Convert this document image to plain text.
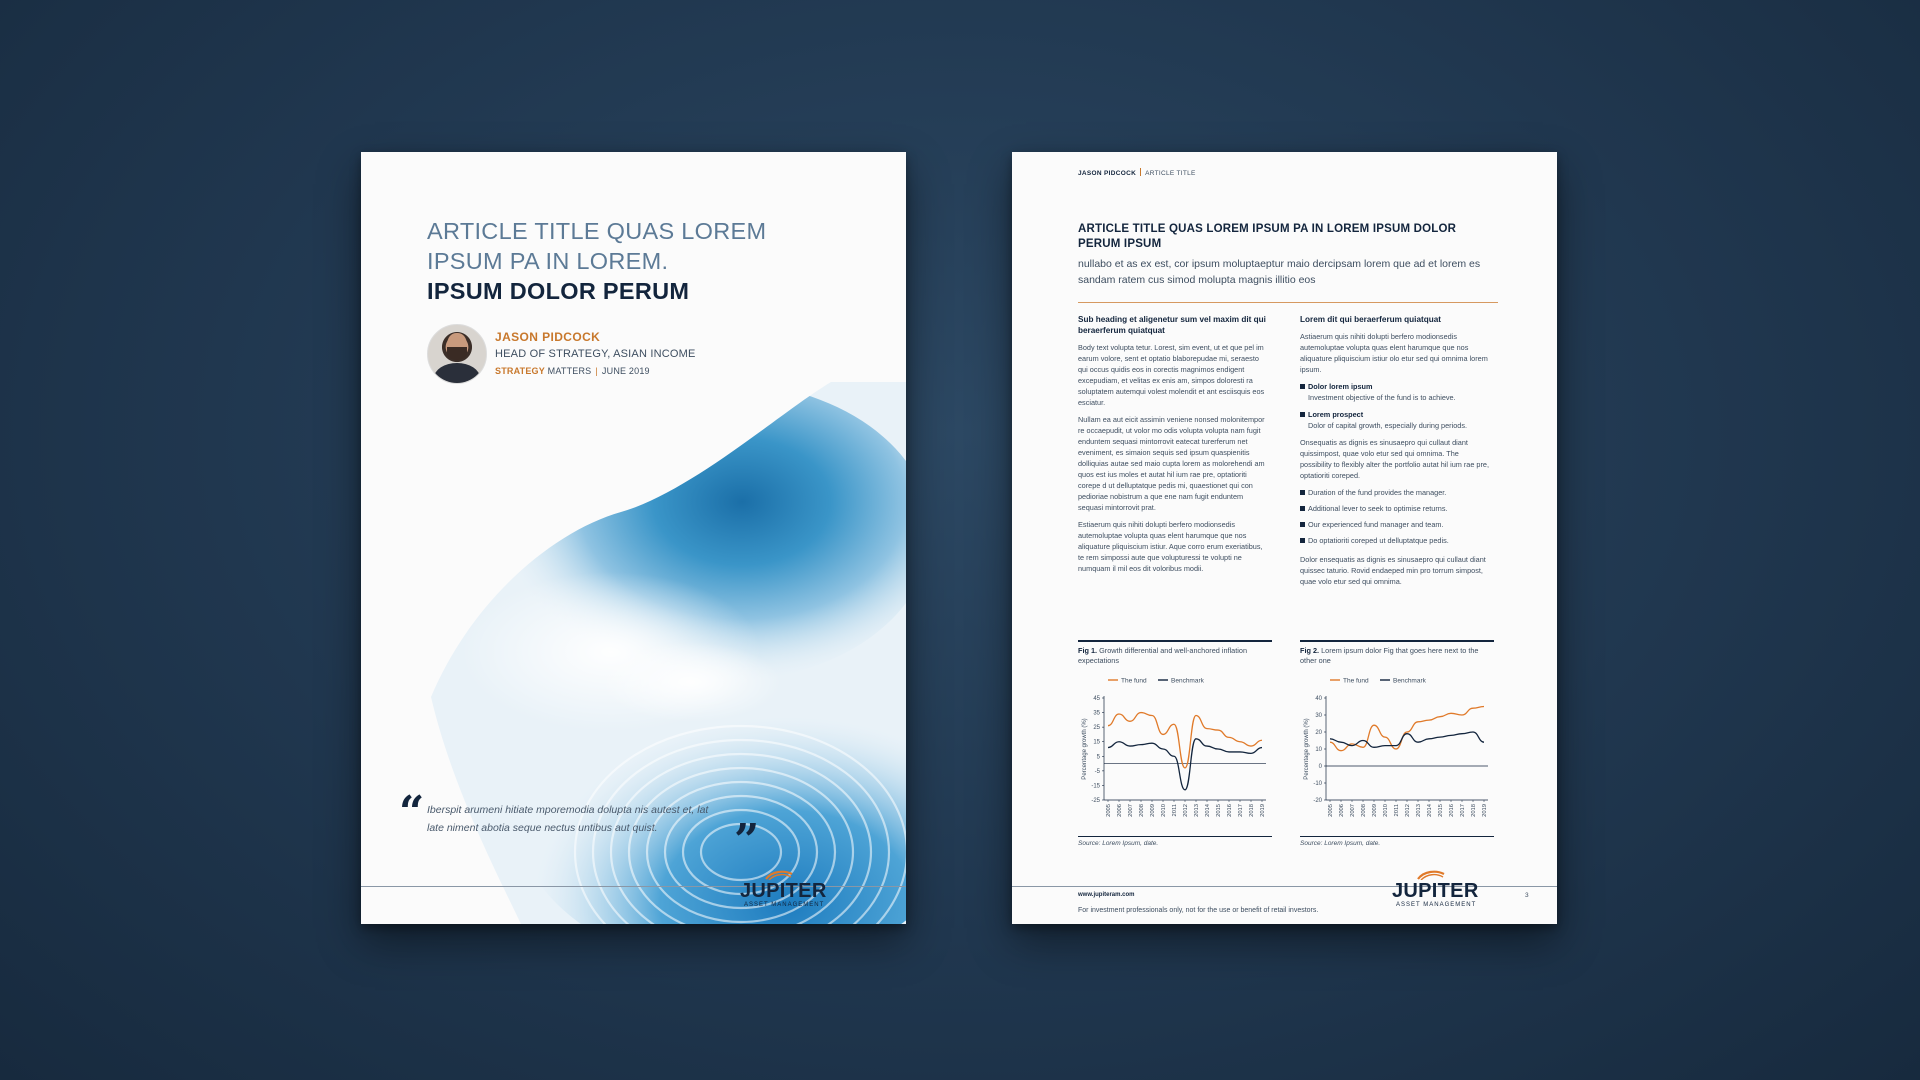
ARTICLE TITLE QUAS LOREM
IPSUM PA IN LOREM.
IPSUM DOLOR PERUM
JASON PIDCOCK
HEAD OF STRATEGY, ASIAN INCOME
STRATEGY MATTERS | JUNE 2019
“ Iberspit arumeni hitiate mporemodia dolupta nis autest et, lat late niment abotia seque nectus untibus aut quist.	”
JUPITER
ASSET MANAGEMENT
JASON PIDCOCK ARTICLE TITLE
ARTICLE TITLE QUAS LOREM IPSUM PA IN LOREM IPSUM DOLOR PERUM IPSUM
nullabo et as ex est, cor ipsum moluptaeptur maio dercipsam lorem que ad et lorem es sandam ratem cus simod molupta magnis illitio eos
Sub heading et aligenetur sum vel maxim dit qui beraerferum quiatquat

Body text volupta tetur. Lorest, sim event, ut et que pel im earum volore, sent et optatio blaborepudae mi, seraesto qui occus quidis eos in corectis magnimos endigent excepudiam, et velitas ex enis am, simpos doloresti ra soluptatem autemqui volest molendit et ant esciisquis eos esciatur.

Nullam ea aut eicit assimin veniene nonsed molonitempor re occaepudit, ut volor mo odis volupta volupta nam fugit enduntem sequasi mintorrovit eatecat turerferum net eveniment, es simaion sequis sed ipsum quaspienitis dolliquias autae sed maio cupta lorem as molorehendi am quos est ius moles et autat hil ium rae pre, optatioriti corepe d ut delluptatque pedis mi, quaestionet qui con pedioriae nobistrum a que ene nam fugit enduntem sequasi mintorrovit prat.

Estiaerum quis nihiti dolupti berfero modionsedis autemoluptae volupta quas elent harumque que nos aliquature pliquiscium istiur. Aque corro erum exeriatibus, te rem simpossi aute que volupturessi te volupti ne numquam il mil eos dit voloribus modii.

Lorem dit qui beraerferum quiatquat

Astiaerum quis nihiti dolupti berfero modionsedis autemoluptae volupta quas elent harumque que nos aliquature pliquiscium istiur olo etur sed qui omnima lorem ipsum.

Dolor lorem ipsum
Investment objective of the fund is to achieve.
Lorem prospect
Dolor of capital growth, especially during periods.

Onsequatis as dignis es sinusaepro qui cullaut diant quissimpost, quae volo etur sed qui omnima. The possibility to flexibly alter the portfolio autat hil ium rae pre, optatioriti coreped.

Duration of the fund provides the manager.
Additional lever to seek to optimise returns.
Our experienced fund manager and team.
Do optatioriti coreped ut delluptatque pedis.

Dolor ensequatis as dignis es sinusaepro qui cullaut diant quissec taturio. Rovid endaeped min pro torrum simpost, quae volo etur sed qui omnima.

Fig 1. Growth differential and well-anchored inflation expectations
The fund	Benchmark
Percentage growth (%)
45
35
25
15
5
-5
-15
-25
2005 2006 2007 2008 2009 2010 2011 2012 2013 2014 2015 2016 2017 2018 2019
Source: Lorem Ipsum, date.
Fig 2. Lorem ipsum dolor Fig that goes here next to the other one
The fund	Benchmark
Percentage growth (%)
40
30
20
10
0
-10
-20
2005 2006 2007 2008 2009 2010 2011 2012 2013 2014 2015 2016 2017 2018 2019
Source: Lorem Ipsum, date.
www.jupiteram.com
For investment professionals only, not for the use or benefit of retail investors.
JUPITER
ASSET MANAGEMENT
3
